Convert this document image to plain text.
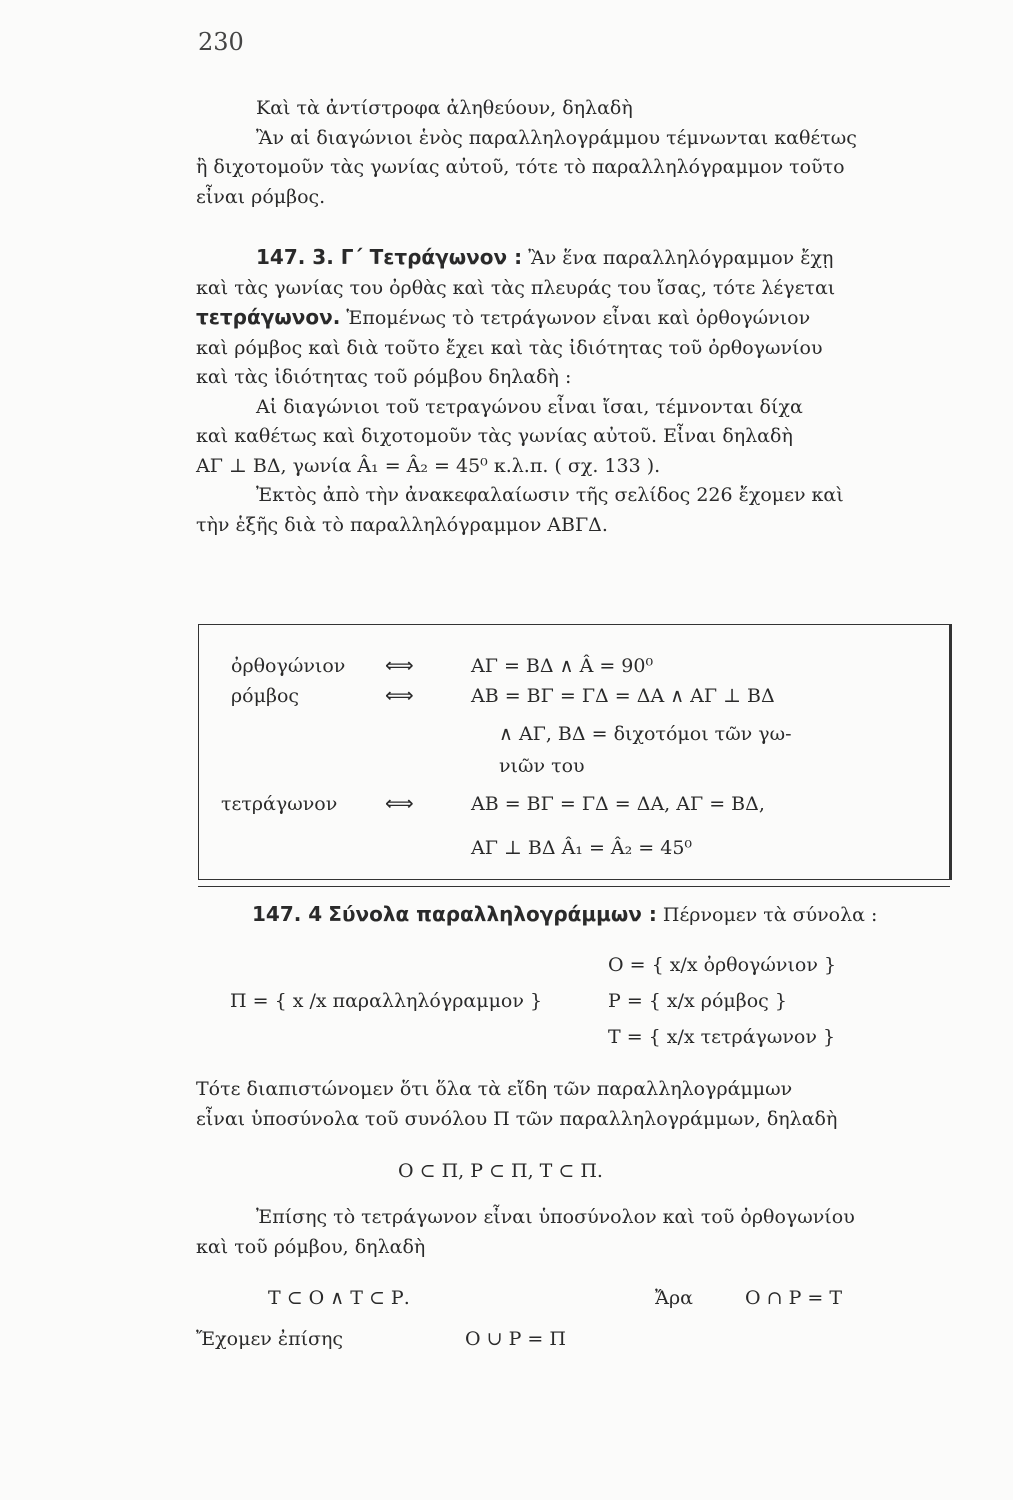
230
Καὶ τὰ ἀντίστροφα ἀληθεύουν, δηλαδὴ
Ἂν αἱ διαγώνιοι ἑνὸς παραλληλογράμμου τέμνωνται καθέτως
ἢ διχοτομοῦν τὰς γωνίας αὐτοῦ, τότε τὸ παραλληλόγραμμον τοῦτο
εἶναι ρόμβος.
147. 3. Γ´ Τετράγωνον : Ἂν ἕνα παραλληλόγραμμον ἔχῃ
καὶ τὰς γωνίας του ὀρθὰς καὶ τὰς πλευράς του ἴσας, τότε λέγεται
τετράγωνον. Ἑπομένως τὸ τετράγωνον εἶναι καὶ ὀρθογώνιον
καὶ ρόμβος καὶ διὰ τοῦτο ἔχει καὶ τὰς ἰδιότητας τοῦ ὀρθογωνίου
καὶ τὰς ἰδιότητας τοῦ ρόμβου δηλαδὴ :
Αἱ διαγώνιοι τοῦ τετραγώνου εἶναι ἴσαι, τέμνονται δίχα
καὶ καθέτως καὶ διχοτομοῦν τὰς γωνίας αὐτοῦ. Εἶναι δηλαδὴ
ΑΓ ⊥ ΒΔ, γωνία Â₁ = Â₂ = 45⁰ κ.λ.π. ( σχ. 133 ).
Ἐκτὸς ἀπὸ τὴν ἀνακεφαλαίωσιν τῆς σελίδος 226 ἔχομεν καὶ
τὴν ἑξῆς διὰ τὸ παραλληλόγραμμον ΑΒΓΔ.
ὀρθογώνιον ⟺	ΑΓ = ΒΔ ∧ Â = 90⁰
ρόμβος	⟺	ΑΒ = ΒΓ = ΓΔ = ΔΑ ∧ ΑΓ ⊥ ΒΔ
∧ ΑΓ, ΒΔ = διχοτόμοι τῶν γω-
νιῶν του
τετράγωνον ⟺	ΑΒ = ΒΓ = ΓΔ = ΔΑ, ΑΓ = ΒΔ,
ΑΓ ⊥ ΒΔ Â₁ = Â₂ = 45⁰
147. 4 Σύνολα παραλληλογράμμων : Πέρνομεν τὰ σύνολα :
Ο = { x/x ὀρθογώνιον }
Π = { x /x παραλληλόγραμμον }	Ρ = { x/x ρόμβος }
Τ = { x/x τετράγωνον }
Τότε διαπιστώνομεν ὅτι ὅλα τὰ εἴδη τῶν παραλληλογράμμων
εἶναι ὑποσύνολα τοῦ συνόλου Π τῶν παραλληλογράμμων, δηλαδὴ
Ο ⊂ Π, Ρ ⊂ Π, Τ ⊂ Π.
Ἐπίσης τὸ τετράγωνον εἶναι ὑποσύνολον καὶ τοῦ ὀρθογωνίου
καὶ τοῦ ρόμβου, δηλαδὴ
Τ ⊂ Ο ∧ Τ ⊂ Ρ.	Ἄρα	Ο ∩ Ρ = Τ
Ἔχομεν ἐπίσης	Ο ∪ Ρ = Π
